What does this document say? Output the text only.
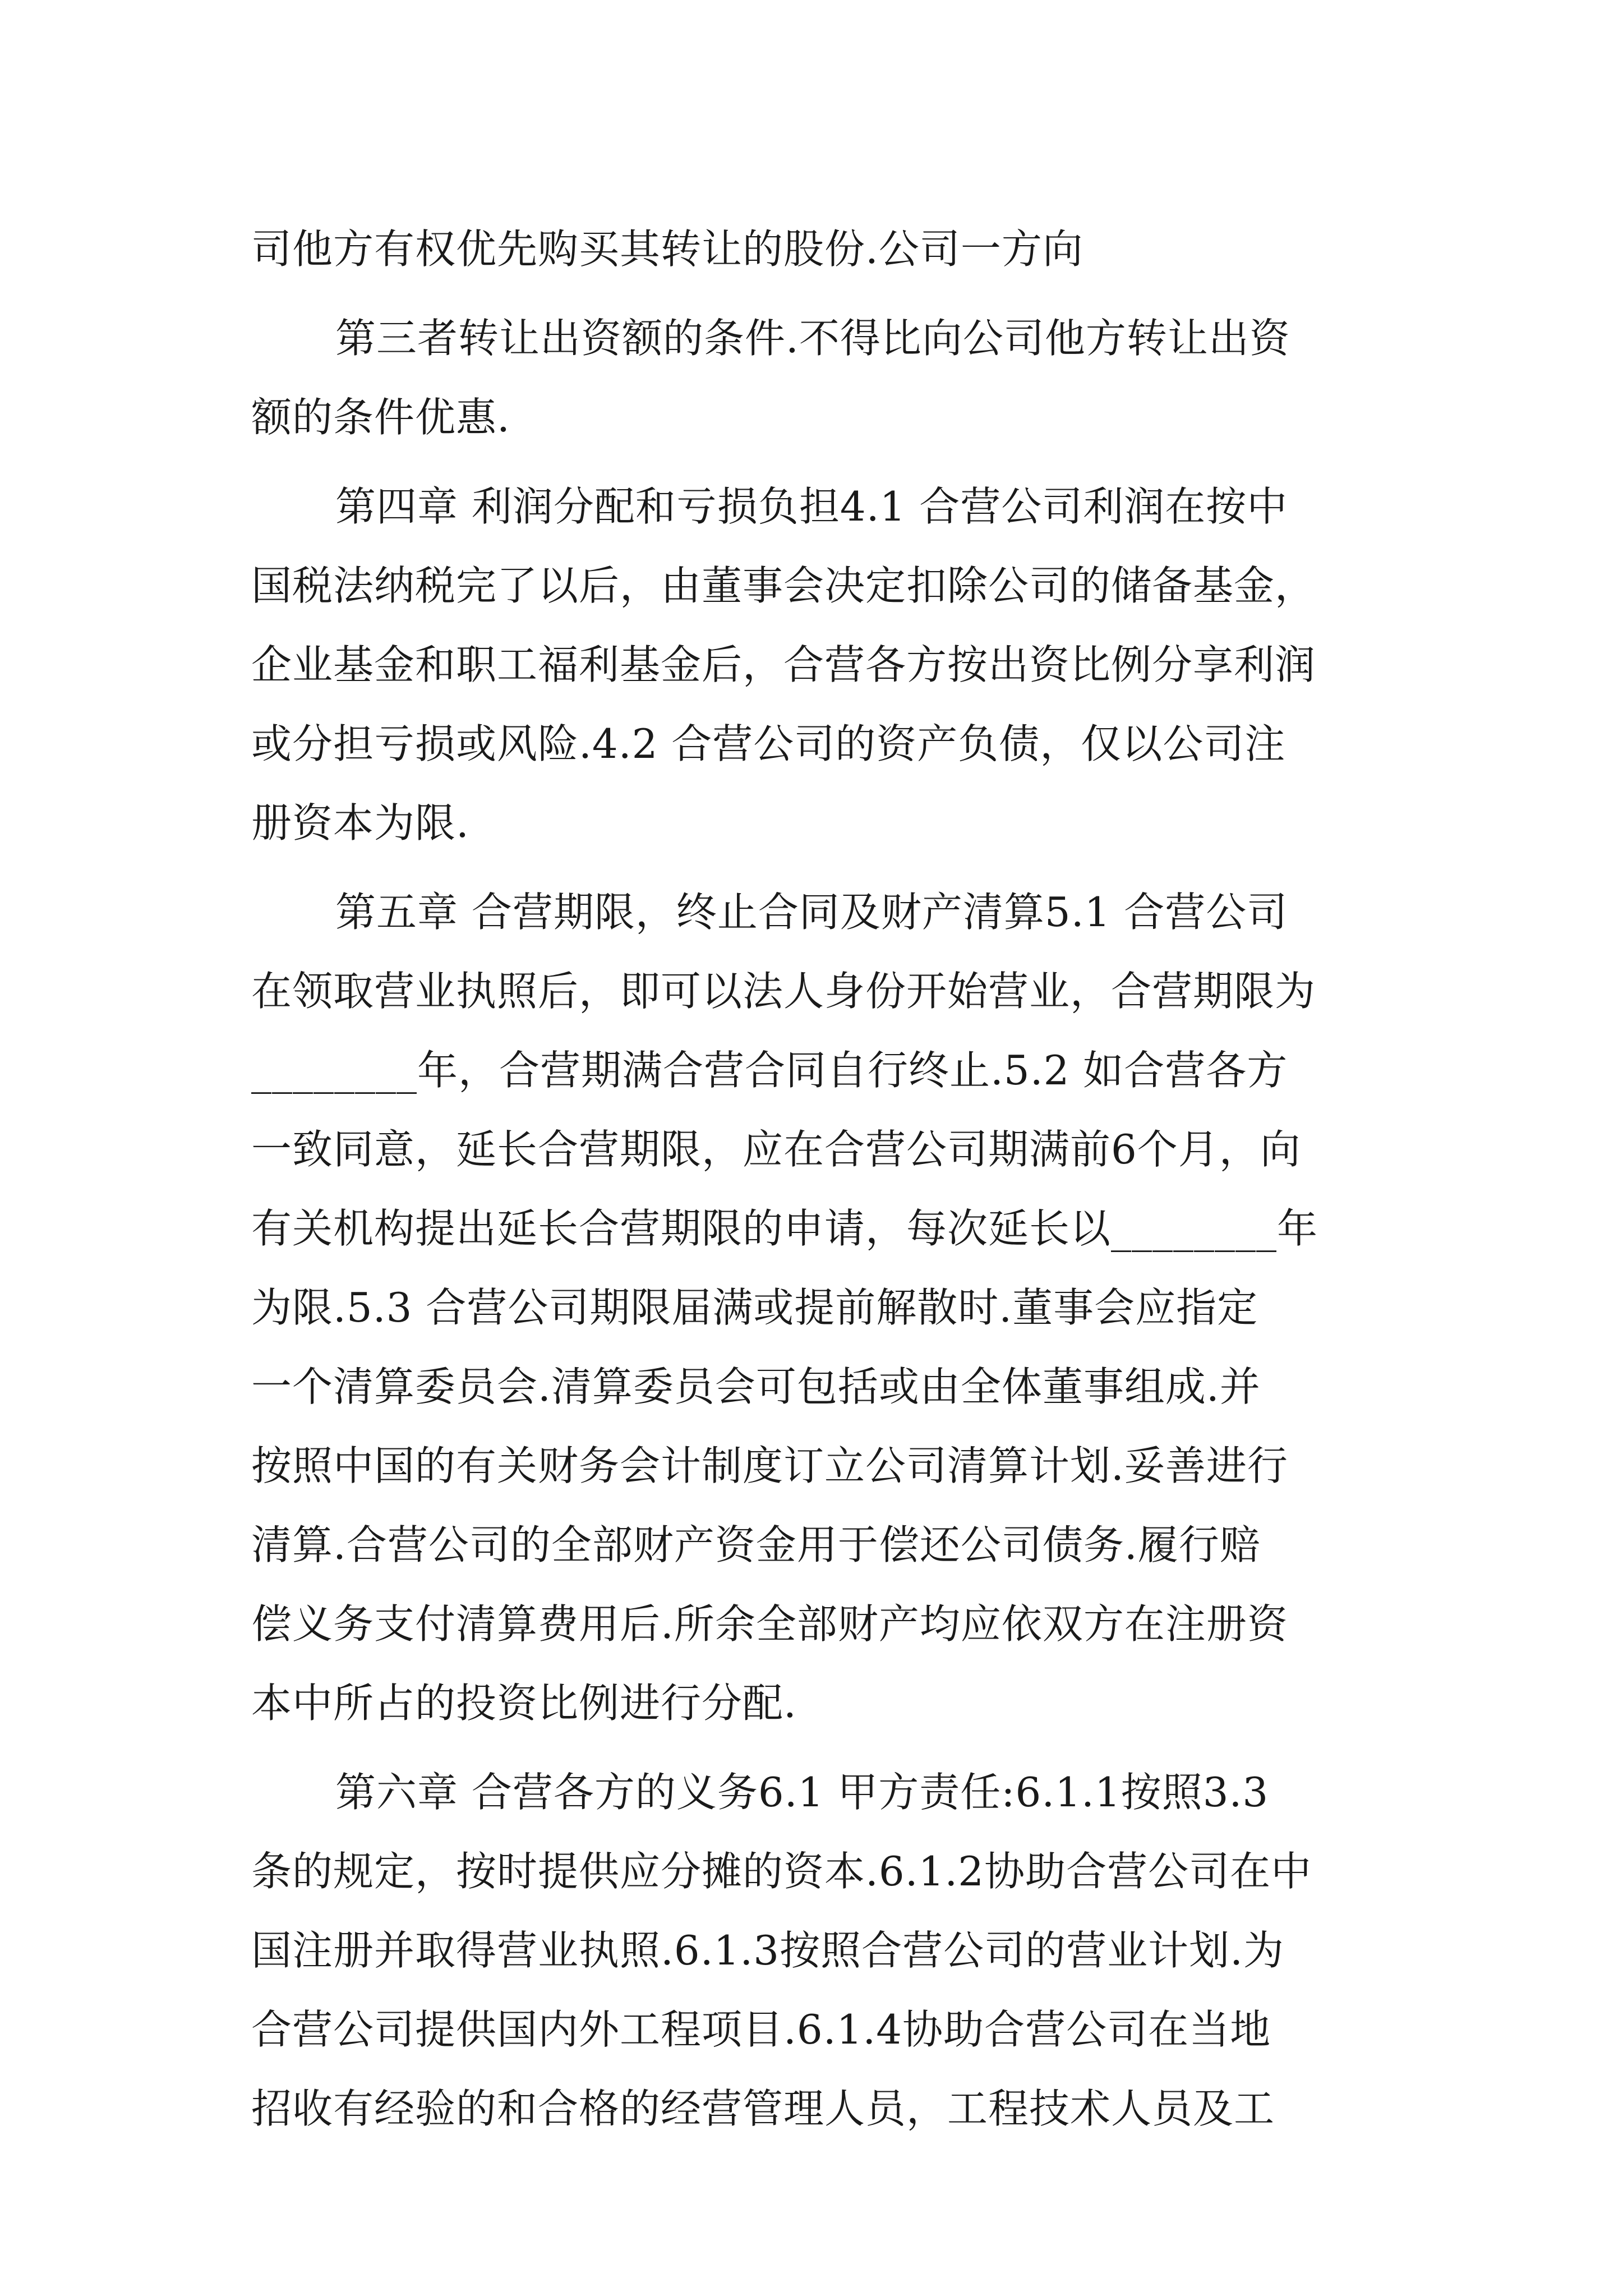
司他方有权优先购买其转让的股份.公司一方向
第三者转让出资额的条件.不得比向公司他方转让出资
额的条件优惠.
第四章 利润分配和亏损负担4.1 合营公司利润在按中
国税法纳税完了以后，由董事会决定扣除公司的储备基金，
企业基金和职工福利基金后，合营各方按出资比例分享利润
或分担亏损或风险.4.2 合营公司的资产负债，仅以公司注
册资本为限.
第五章 合营期限，终止合同及财产清算5.1 合营公司
在领取营业执照后，即可以法人身份开始营业，合营期限为
________年，合营期满合营合同自行终止.5.2 如合营各方
一致同意，延长合营期限，应在合营公司期满前6个月，向
有关机构提出延长合营期限的申请，每次延长以________年
为限.5.3 合营公司期限届满或提前解散时.董事会应指定
一个清算委员会.清算委员会可包括或由全体董事组成.并
按照中国的有关财务会计制度订立公司清算计划.妥善进行
清算.合营公司的全部财产资金用于偿还公司债务.履行赔
偿义务支付清算费用后.所余全部财产均应依双方在注册资
本中所占的投资比例进行分配.
第六章 合营各方的义务6.1 甲方责任:6.1.1按照3.3
条的规定，按时提供应分摊的资本.6.1.2协助合营公司在中
国注册并取得营业执照.6.1.3按照合营公司的营业计划.为
合营公司提供国内外工程项目.6.1.4协助合营公司在当地
招收有经验的和合格的经营管理人员，工程技术人员及工
